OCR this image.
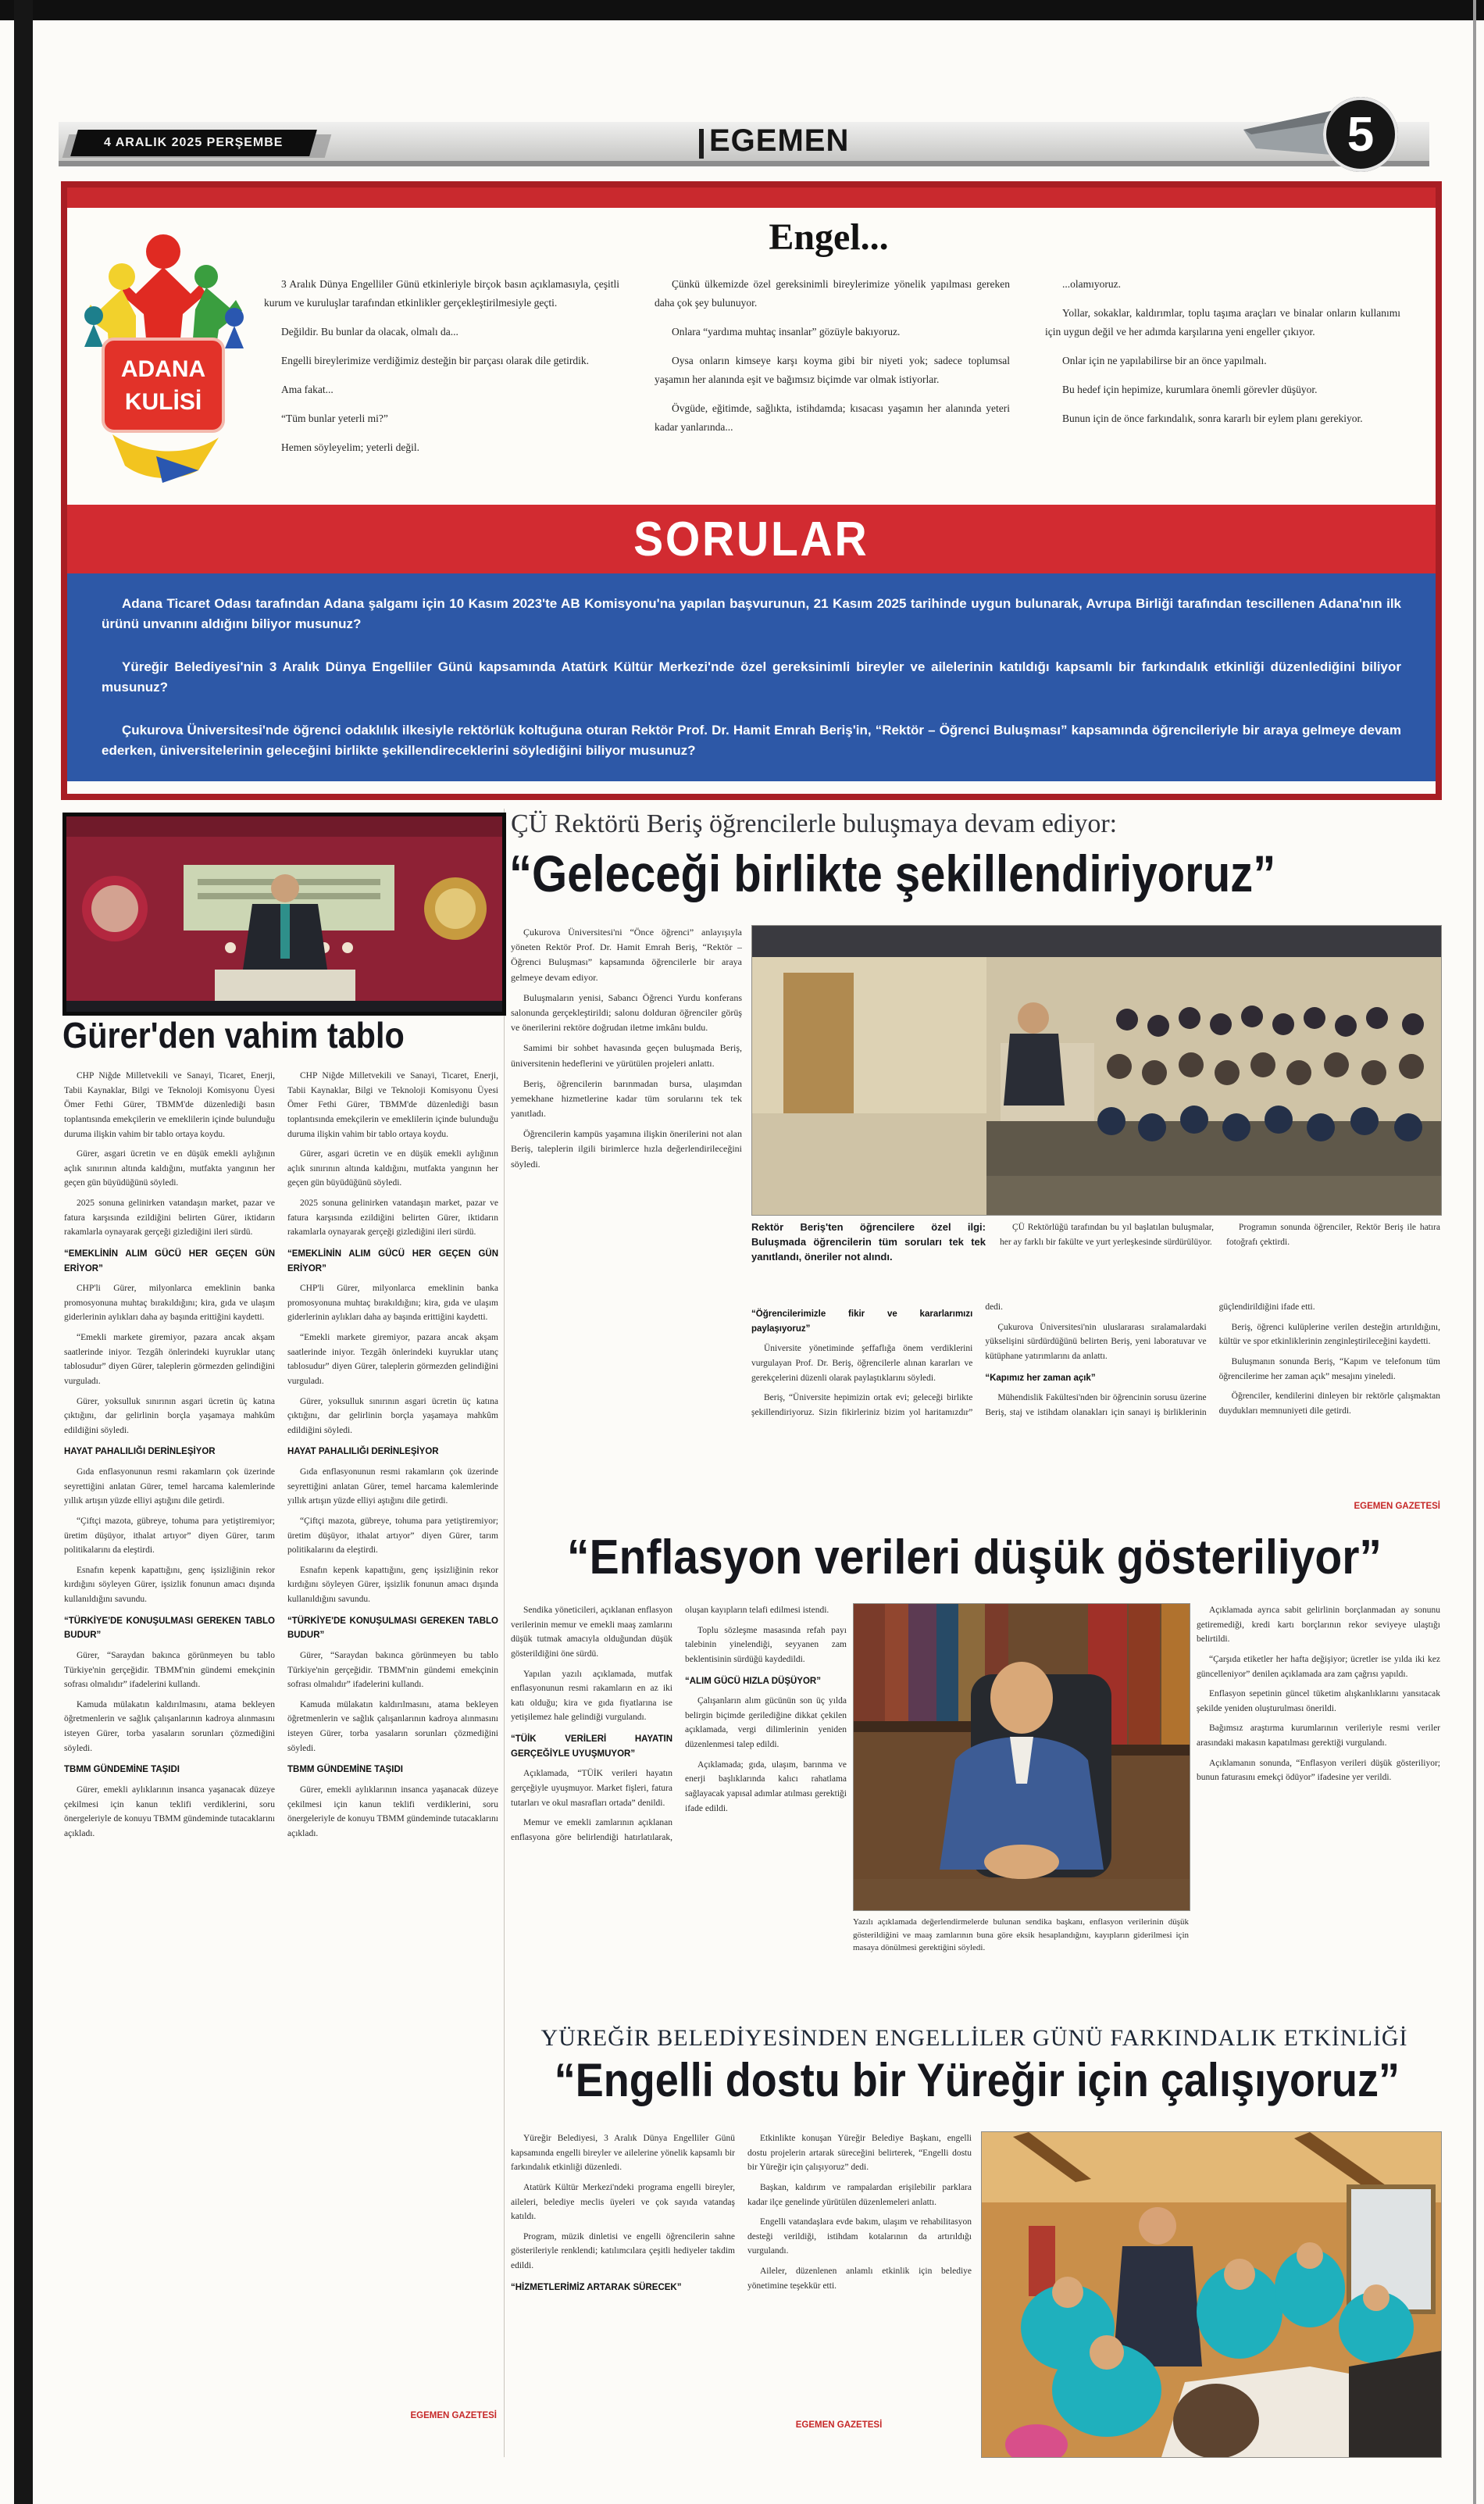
4 ARALIK 2025 PERŞEMBE	EGEMEN	5
ADANA
KULİSİ
Engel...

3 Aralık Dünya Engelliler Günü etkinleriyle birçok basın açıklamasıyla, çeşitli kurum ve kuruluşlar tarafından etkinlikler gerçekleştirilmesiyle geçti.

Değildir. Bu bunlar da olacak, olmalı da...

Engelli bireylerimize verdiğimiz desteğin bir parçası olarak dile getirdik.

Ama fakat...

“Tüm bunlar yeterli mi?”

Hemen söyleyelim; yeterli değil.

Çünkü ülkemizde özel gereksinimli bireylerimize yönelik yapılması gereken daha çok şey bulunuyor.

Onlara “yardıma muhtaç insanlar” gözüyle bakıyoruz.

Oysa onların kimseye karşı koyma gibi bir niyeti yok; sadece toplumsal yaşamın her alanında eşit ve bağımsız biçimde var olmak istiyorlar.

Övgüde, eğitimde, sağlıkta, istihdamda; kısacası yaşamın her alanında yeteri kadar yanlarında...

...olamıyoruz.

Yollar, sokaklar, kaldırımlar, toplu taşıma araçları ve binalar onların kullanımı için uygun değil ve her adımda karşılarına yeni engeller çıkıyor.

Onlar için ne yapılabilirse bir an önce yapılmalı.

Bu hedef için hepimize, kurumlara önemli görevler düşüyor.

Bunun için de önce farkındalık, sonra kararlı bir eylem planı gerekiyor.

SORULAR

Adana Ticaret Odası tarafından Adana şalgamı için 10 Kasım 2023'te AB Komisyonu'na yapılan başvurunun, 21 Kasım 2025 tarihinde uygun bulunarak, Avrupa Birliği tarafından tescillenen Adana'nın ilk ürünü unvanını aldığını biliyor musunuz?

Yüreğir Belediyesi'nin 3 Aralık Dünya Engelliler Günü kapsamında Atatürk Kültür Merkezi'nde özel gereksinimli bireyler ve ailelerinin katıldığı kapsamlı bir farkındalık etkinliği düzenlediğini biliyor musunuz?

Çukurova Üniversitesi'nde öğrenci odaklılık ilkesiyle rektörlük koltuğuna oturan Rektör Prof. Dr. Hamit Emrah Beriş'in, “Rektör – Öğrenci Buluşması” kapsamında öğrencileriyle bir araya gelmeye devam ederken, üniversitelerinin geleceğini birlikte şekillendireceklerini söylediğini biliyor musunuz?

Gürer'den vahim tablo

CHP Niğde Milletvekili ve Sanayi, Ticaret, Enerji, Tabii Kaynaklar, Bilgi ve Teknoloji Komisyonu Üyesi Ömer Fethi Gürer, TBMM'de düzenlediği basın toplantısında emekçilerin ve emeklilerin içinde bulunduğu duruma ilişkin vahim bir tablo ortaya koydu.

Gürer, asgari ücretin ve en düşük emekli aylığının açlık sınırının altında kaldığını, mutfakta yangının her geçen gün büyüdüğünü söyledi.

2025 sonuna gelinirken vatandaşın market, pazar ve fatura karşısında ezildiğini belirten Gürer, iktidarın rakamlarla oynayarak gerçeği gizlediğini ileri sürdü.

“EMEKLİNİN ALIM GÜCÜ HER GEÇEN GÜN ERİYOR”

CHP'li Gürer, milyonlarca emeklinin banka promosyonuna muhtaç bırakıldığını; kira, gıda ve ulaşım giderlerinin aylıkları daha ay başında erittiğini kaydetti.

“Emekli markete giremiyor, pazara ancak akşam saatlerinde iniyor. Tezgâh önlerindeki kuyruklar utanç tablosudur” diyen Gürer, taleplerin görmezden gelindiğini vurguladı.

Gürer, yoksulluk sınırının asgari ücretin üç katına çıktığını, dar gelirlinin borçla yaşamaya mahkûm edildiğini söyledi.

HAYAT PAHALILIĞI DERİNLEŞİYOR

Gıda enflasyonunun resmi rakamların çok üzerinde seyrettiğini anlatan Gürer, temel harcama kalemlerinde yıllık artışın yüzde elliyi aştığını dile getirdi.

“Çiftçi mazota, gübreye, tohuma para yetiştiremiyor; üretim düşüyor, ithalat artıyor” diyen Gürer, tarım politikalarını da eleştirdi.

Esnafın kepenk kapattığını, genç işsizliğinin rekor kırdığını söyleyen Gürer, işsizlik fonunun amacı dışında kullanıldığını savundu.

“TÜRKİYE'DE KONUŞULMASI GEREKEN TABLO BUDUR”

Gürer, “Saraydan bakınca görünmeyen bu tablo Türkiye'nin gerçeğidir. TBMM'nin gündemi emekçinin sofrası olmalıdır” ifadelerini kullandı.

Kamuda mülakatın kaldırılmasını, atama bekleyen öğretmenlerin ve sağlık çalışanlarının kadroya alınmasını isteyen Gürer, torba yasaların sorunları çözmediğini söyledi.

TBMM GÜNDEMİNE TAŞIDI

Gürer, emekli aylıklarının insanca yaşanacak düzeye çekilmesi için kanun teklifi verdiklerini, soru önergeleriyle de konuyu TBMM gündeminde tutacaklarını açıkladı.

CHP Niğde Milletvekili ve Sanayi, Ticaret, Enerji, Tabii Kaynaklar, Bilgi ve Teknoloji Komisyonu Üyesi Ömer Fethi Gürer, TBMM'de düzenlediği basın toplantısında emekçilerin ve emeklilerin içinde bulunduğu duruma ilişkin vahim bir tablo ortaya koydu.

Gürer, asgari ücretin ve en düşük emekli aylığının açlık sınırının altında kaldığını, mutfakta yangının her geçen gün büyüdüğünü söyledi.

2025 sonuna gelinirken vatandaşın market, pazar ve fatura karşısında ezildiğini belirten Gürer, iktidarın rakamlarla oynayarak gerçeği gizlediğini ileri sürdü.

“EMEKLİNİN ALIM GÜCÜ HER GEÇEN GÜN ERİYOR”

CHP'li Gürer, milyonlarca emeklinin banka promosyonuna muhtaç bırakıldığını; kira, gıda ve ulaşım giderlerinin aylıkları daha ay başında erittiğini kaydetti.

“Emekli markete giremiyor, pazara ancak akşam saatlerinde iniyor. Tezgâh önlerindeki kuyruklar utanç tablosudur” diyen Gürer, taleplerin görmezden gelindiğini vurguladı.

Gürer, yoksulluk sınırının asgari ücretin üç katına çıktığını, dar gelirlinin borçla yaşamaya mahkûm edildiğini söyledi.

HAYAT PAHALILIĞI DERİNLEŞİYOR

Gıda enflasyonunun resmi rakamların çok üzerinde seyrettiğini anlatan Gürer, temel harcama kalemlerinde yıllık artışın yüzde elliyi aştığını dile getirdi.

“Çiftçi mazota, gübreye, tohuma para yetiştiremiyor; üretim düşüyor, ithalat artıyor” diyen Gürer, tarım politikalarını da eleştirdi.

Esnafın kepenk kapattığını, genç işsizliğinin rekor kırdığını söyleyen Gürer, işsizlik fonunun amacı dışında kullanıldığını savundu.

“TÜRKİYE'DE KONUŞULMASI GEREKEN TABLO BUDUR”

Gürer, “Saraydan bakınca görünmeyen bu tablo Türkiye'nin gerçeğidir. TBMM'nin gündemi emekçinin sofrası olmalıdır” ifadelerini kullandı.

Kamuda mülakatın kaldırılmasını, atama bekleyen öğretmenlerin ve sağlık çalışanlarının kadroya alınmasını isteyen Gürer, torba yasaların sorunları çözmediğini söyledi.

TBMM GÜNDEMİNE TAŞIDI

Gürer, emekli aylıklarının insanca yaşanacak düzeye çekilmesi için kanun teklifi verdiklerini, soru önergeleriyle de konuyu TBMM gündeminde tutacaklarını açıkladı.

EGEMEN GAZETESİ
ÇÜ Rektörü Beriş öğrencilerle buluşmaya devam ediyor:
“Geleceği birlikte şekillendiriyoruz”

Çukurova Üniversitesi'ni “Önce öğrenci” anlayışıyla yöneten Rektör Prof. Dr. Hamit Emrah Beriş, “Rektör – Öğrenci Buluşması” kapsamında öğrencilerle bir araya gelmeye devam ediyor.

Buluşmaların yenisi, Sabancı Öğrenci Yurdu konferans salonunda gerçekleştirildi; salonu dolduran öğrenciler görüş ve önerilerini rektöre doğrudan iletme imkânı buldu.

Samimi bir sohbet havasında geçen buluşmada Beriş, üniversitenin hedeflerini ve yürütülen projeleri anlattı.

Beriş, öğrencilerin barınmadan bursa, ulaşımdan yemekhane hizmetlerine kadar tüm sorularını tek tek yanıtladı.

Öğrencilerin kampüs yaşamına ilişkin önerilerini not alan Beriş, taleplerin ilgili birimlerce hızla değerlendirileceğini söyledi.

Rektör Beriş'ten öğrencilere özel ilgi: Buluşmada öğrencilerin tüm soruları tek tek yanıtlandı, öneriler not alındı.

ÇÜ Rektörlüğü tarafından bu yıl başlatılan buluşmalar, her ay farklı bir fakülte ve yurt yerleşkesinde sürdürülüyor.

Programın sonunda öğrenciler, Rektör Beriş ile hatıra fotoğrafı çektirdi.

“Öğrencilerimizle fikir ve kararlarımızı paylaşıyoruz”

Üniversite yönetiminde şeffaflığa önem verdiklerini vurgulayan Prof. Dr. Beriş, öğrencilerle alınan kararları ve gerekçelerini düzenli olarak paylaştıklarını söyledi.

Beriş, “Üniversite hepimizin ortak evi; geleceği birlikte şekillendiriyoruz. Sizin fikirleriniz bizim yol haritamızdır” dedi.

Çukurova Üniversitesi'nin uluslararası sıralamalardaki yükselişini sürdürdüğünü belirten Beriş, yeni laboratuvar ve kütüphane yatırımlarını da anlattı.

“Kapımız her zaman açık”

Mühendislik Fakültesi'nden bir öğrencinin sorusu üzerine Beriş, staj ve istihdam olanakları için sanayi iş birliklerinin güçlendirildiğini ifade etti.

Beriş, öğrenci kulüplerine verilen desteğin artırıldığını, kültür ve spor etkinliklerinin zenginleştirileceğini kaydetti.

Buluşmanın sonunda Beriş, “Kapım ve telefonum tüm öğrencilerime her zaman açık” mesajını yineledi.

Öğrenciler, kendilerini dinleyen bir rektörle çalışmaktan duydukları memnuniyeti dile getirdi.

EGEMEN GAZETESİ
“Enflasyon verileri düşük gösteriliyor”

Sendika yöneticileri, açıklanan enflasyon verilerinin memur ve emekli maaş zamlarını düşük tutmak amacıyla olduğundan düşük gösterildiğini öne sürdü.

Yapılan yazılı açıklamada, mutfak enflasyonunun resmi rakamların en az iki katı olduğu; kira ve gıda fiyatlarına ise yetişilemez hale gelindiği vurgulandı.

“TÜİK VERİLERİ HAYATIN GERÇEĞİYLE UYUŞMUYOR”

Açıklamada, “TÜİK verileri hayatın gerçeğiyle uyuşmuyor. Market fişleri, fatura tutarları ve okul masrafları ortada” denildi.

Memur ve emekli zamlarının açıklanan enflasyona göre belirlendiği hatırlatılarak, oluşan kayıpların telafi edilmesi istendi.

Toplu sözleşme masasında refah payı talebinin yinelendiği, seyyanen zam beklentisinin sürdüğü kaydedildi.

“ALIM GÜCÜ HIZLA DÜŞÜYOR”

Çalışanların alım gücünün son üç yılda belirgin biçimde gerilediğine dikkat çekilen açıklamada, vergi dilimlerinin yeniden düzenlenmesi talep edildi.

Açıklamada; gıda, ulaşım, barınma ve enerji başlıklarında kalıcı rahatlama sağlayacak yapısal adımlar atılması gerektiği ifade edildi.

Yazılı açıklamada değerlendirmelerde bulunan sendika başkanı, enflasyon verilerinin düşük gösterildiğini ve maaş zamlarının buna göre eksik hesaplandığını, kayıpların giderilmesi için masaya dönülmesi gerektiğini söyledi.

Açıklamada ayrıca sabit gelirlinin borçlanmadan ay sonunu getiremediği, kredi kartı borçlarının rekor seviyeye ulaştığı belirtildi.

“Çarşıda etiketler her hafta değişiyor; ücretler ise yılda iki kez güncelleniyor” denilen açıklamada ara zam çağrısı yapıldı.

Enflasyon sepetinin güncel tüketim alışkanlıklarını yansıtacak şekilde yeniden oluşturulması önerildi.

Bağımsız araştırma kurumlarının verileriyle resmi veriler arasındaki makasın kapatılması gerektiği vurgulandı.

Açıklamanın sonunda, “Enflasyon verileri düşük gösteriliyor; bunun faturasını emekçi ödüyor” ifadesine yer verildi.

YÜREĞİR BELEDİYESİNDEN ENGELLİLER GÜNÜ FARKINDALIK ETKİNLİĞİ
“Engelli dostu bir Yüreğir için çalışıyoruz”

Yüreğir Belediyesi, 3 Aralık Dünya Engelliler Günü kapsamında engelli bireyler ve ailelerine yönelik kapsamlı bir farkındalık etkinliği düzenledi.

Atatürk Kültür Merkezi'ndeki programa engelli bireyler, aileleri, belediye meclis üyeleri ve çok sayıda vatandaş katıldı.

Program, müzik dinletisi ve engelli öğrencilerin sahne gösterileriyle renklendi; katılımcılara çeşitli hediyeler takdim edildi.

“HİZMETLERİMİZ ARTARAK SÜRECEK”

Etkinlikte konuşan Yüreğir Belediye Başkanı, engelli dostu projelerin artarak süreceğini belirterek, “Engelli dostu bir Yüreğir için çalışıyoruz” dedi.

Başkan, kaldırım ve rampalardan erişilebilir parklara kadar ilçe genelinde yürütülen düzenlemeleri anlattı.

Engelli vatandaşlara evde bakım, ulaşım ve rehabilitasyon desteği verildiği, istihdam kotalarının da artırıldığı vurgulandı.

Aileler, düzenlenen anlamlı etkinlik için belediye yönetimine teşekkür etti.

EGEMEN GAZETESİ
